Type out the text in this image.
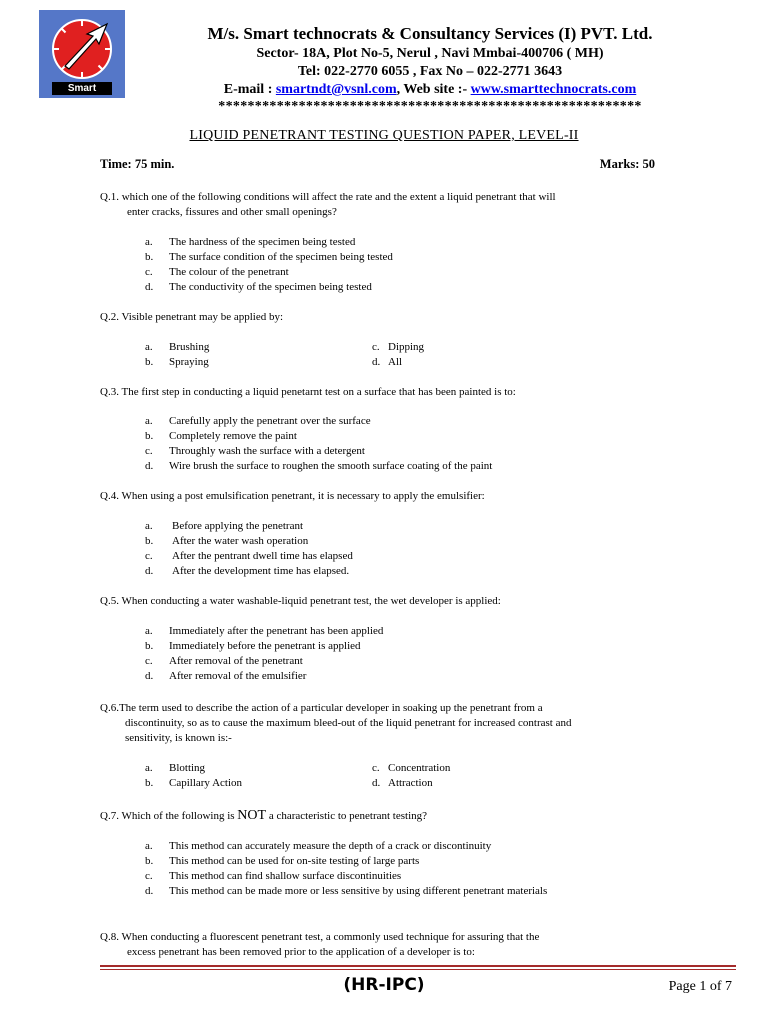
Smart
M/s. Smart technocrats & Consultancy Services (I) PVT. Ltd.
Sector- 18A, Plot No-5, Nerul , Navi Mmbai-400706 ( MH)
Tel: 022-2770 6055 , Fax No – 022-2771 3643
E-mail : smartndt@vsnl.com, Web site :- www.smarttechnocrats.com
**********************************************************
LIQUID PENETRANT TESTING QUESTION PAPER, LEVEL-II
Time: 75 min.	Marks: 50
Q.1. which one of the following conditions will affect the rate and the extent a liquid penetrant that will
enter cracks, fissures and other small openings?
a. The hardness of the specimen being tested
b. The surface condition of the specimen being tested
c. The colour of the penetrant
d. The conductivity of the specimen being tested
Q.2. Visible penetrant may be applied by:
a. Brushing	c. Dipping
b. Spraying	d. All
Q.3. The first step in conducting a liquid penetarnt test on a surface that has been painted is to:
a. Carefully apply the penetrant over the surface
b. Completely remove the paint
c. Throughly wash the surface with a detergent
d. Wire brush the surface to roughen the smooth surface coating of the paint
Q.4. When using a post emulsification penetrant, it is necessary to apply the emulsifier:
a. Before applying the penetrant
b. After the water wash operation
c. After the pentrant dwell time has elapsed
d. After the development time has elapsed.
Q.5. When conducting a water washable-liquid penetrant test, the wet developer is applied:
a. Immediately after the penetrant has been applied
b. Immediately before the penetrant is applied
c. After removal of the penetrant
d. After removal of the emulsifier
Q.6.The term used to describe the action of a particular developer in soaking up the penetrant from a
discontinuity, so as to cause the maximum bleed-out of the liquid penetrant for increased contrast and
sensitivity, is known is:-
a. Blotting	c. Concentration
b. Capillary Action	d. Attraction
Q.7. Which of the following is NOT a characteristic to penetrant testing?
a. This method can accurately measure the depth of a crack or discontinuity
b. This method can be used for on-site testing of large parts
c. This method can find shallow surface discontinuities
d. This method can be made more or less sensitive by using different penetrant materials
Q.8. When conducting a fluorescent penetrant test, a commonly used technique for assuring that the
excess penetrant has been removed prior to the application of a developer is to:
(HR-IPC)	Page 1 of 7
